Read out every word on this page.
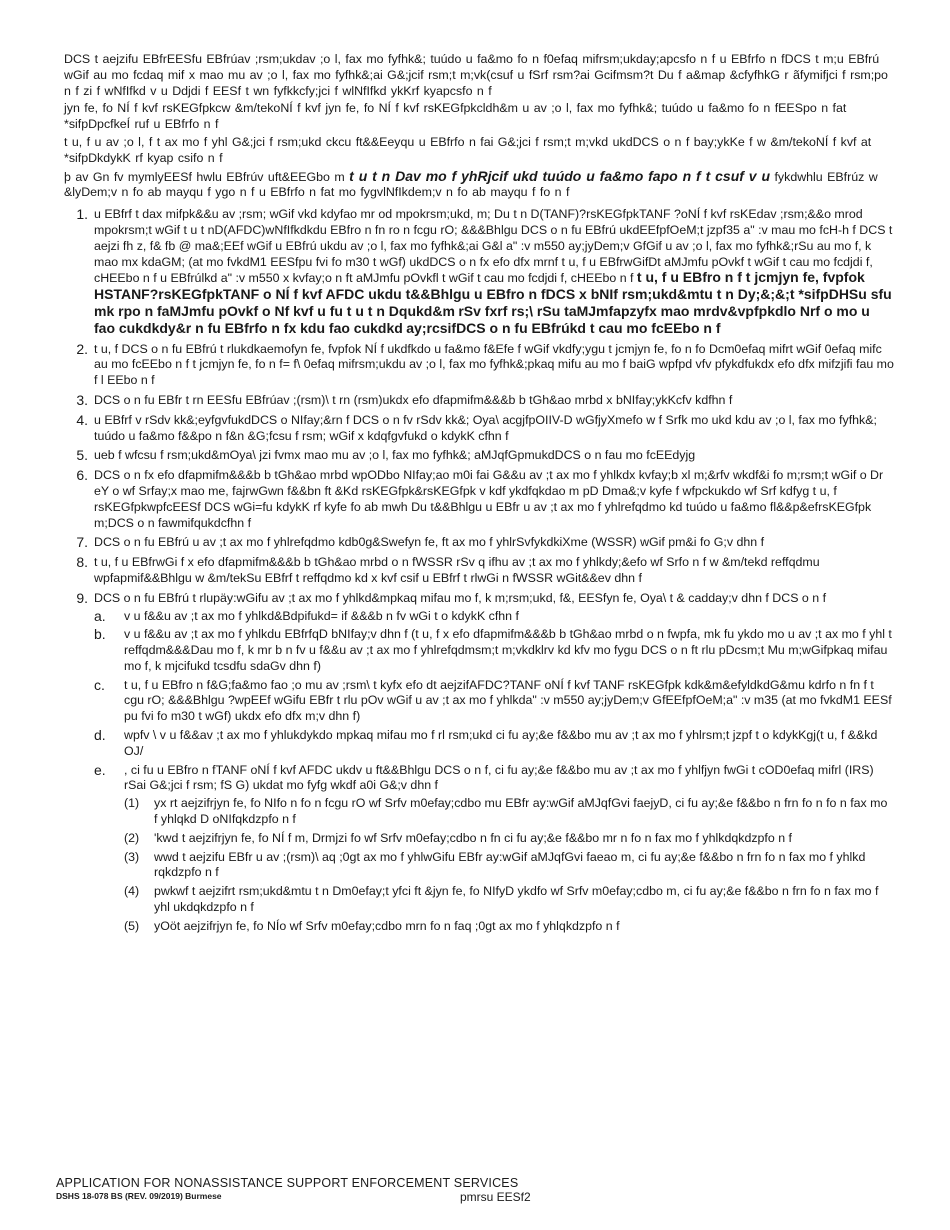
DCS t aejzifu EBfrEESfu EBfrúav ;rsm;ukdav ;o l, fax mo fyfhk&; tuúdo u fa&mo fo n f0efaq mifrsm;ukday;apcsfo n f u EBfrfo n fDCS t m;u EBfrú wGif au mo fcdaq mif x mao mu av ;o l, fax mo fyfhk&;ai G&;jcif rsm;t m;vk(csuf u fSrf rsm?ai Gcifmsm?t Du f a&map &cfyfhkG r ãfymifjci f rsm;po n f zi f wNfIfkd v u Ddjdi f EESf t wn fyfkkcfy;jci f wlNfIfkd ykKrf kyapcsfo n f

jyn fe, fo NÍ f kvf rsKEGfpkcw &m/tekoNÍ f kvf jyn fe, fo NÍ f kvf rsKEGfpkcldh&m u av ;o l, fax mo fyfhk&; tuúdo u fa&mo fo n fEESpo n fat *sifpDpcfkeÍ ruf u EBfrfo n f

t u, f u av ;o l, f t ax mo f yhl G&;jci f rsm;ukd ckcu ft&&Eeyqu u EBfrfo n fai G&;jci f rsm;t m;vkd ukdDCS o n f bay;ykKe f w &m/tekoNÍ f kvf at *sifpDkdykK rf kyap csifo n f

þ av Gn fv mymlyEESf hwlu EBfrúv uft&EEGbo m t u t n Dav mo f yhRjcif ukd tuúdo u fa&mo fapo n f t csuf v u fykdwhlu EBfrúz w &lyDem;v n fo ab mayqu f ygo n f u EBfrfo n fat mo fygvlNfIkdem;v n fo ab mayqu f fo n f

1. u EBfrf t dax mifpk&&u av ;rsm; wGif vkd kdyfao mr od mpokrsm;ukd, m; Du t n D(TANF)?rsKEGfpkTANF ?oNÍ f kvf rsKEdav ;rsm;&&o mrod mpokrsm;t wGif t u t nD(AFDC)wNfIfkdkdu EBfro n fn ro n fcgu rO; &&&Bhlgu DCS o n fu EBfrú ukdEEfpfOeM;t jzpf35 a" :v mau mo fcH-h f DCS t aejzi fh z, f& fb @ ma&;EEf wGif u EBfrú ukdu av ;o l, fax mo fyfhk&;ai G&l a" :v m550 ay;jyDem;v GfGif u av ;o l, fax mo fyfhk&;rSu au mo f, k mao mx kdaGM; (at mo fvkdM1 EESfpu fvi fo m30 t wGf) ukdDCS o n fx efo dfx mrnf t u, f u EBfrwGifDt aMJmfu pOvkf t wGif t cau mo fcdjdi f, cHEEbo n f u EBfrúlkd a" :v m550 x kvfay;o n ft aMJmfu pOvkfl t wGif t cau mo fcdjdi f, cHEEbo n f t u, f u EBfro n f t jcmjyn fe, fvpfok HSTANF?rsKEGfpkTANF o NÍ f kvf AFDC ukdu t&&Bhlgu u EBfro n fDCS x bNIf rsm;ukd&mtu t n Dy;&;&;t *sifpDHSu sfu mk rpo n faMJmfu pOvkf o Nf kvf u fu t u t n Dqukd&m rSv fxrf rs;\ rSu taMJmfapzyfx mao mrdv&vpfpkdlo Nrf o mo u fao cukdkdy&r n fu EBfrfo n fx kdu fao cukdkd ay;rcsifDCS o n fu EBfrúkd t cau mo fcEEbo n f
2. t u, f DCS o n fu EBfrú t rlukdkaemofyn fe, fvpfok NÍ f ukdfkdo u fa&mo f&Efe f wGif vkdfy;ygu t jcmjyn fe, fo n fo Dcm0efaq mifrt wGif 0efaq mifc au mo fcEEbo n f t jcmjyn fe, fo n f= f\ 0efaq mifrsm;ukdu av ;o l, fax mo fyfhk&;pkaq mifu au mo f baiG wpfpd vfv pfykdfukdx efo dfx mifzjifi fau mo f l EEbo n f
3. DCS o n fu EBfr t rn EESfu EBfrúav ;(rsm)\ t rn (rsm)ukdx efo dfapmifm&&&b b tGh&ao mrbd x bNIfay;ykKcfv kdfhn f
4. u EBfrf v rSdv kk&;eyfgvfukdDCS o NIfay;&rn f DCS o n fv rSdv kk&; Oya\ acgjfpOIIV-D wGfjyXmefo w f Srfk mo ukd kdu av ;o l, fax mo fyfhk&; tuúdo u fa&mo f&&po n f&n &G;fcsu f rsm; wGif x kdqfgvfukd o kdykK cfhn f
5. ueb f wfcsu f rsm;ukd&mOya\ jzi fvmx mao mu av ;o l, fax mo fyfhk&; aMJqfGpmukdDCS o n fau mo fcEEdyjg
6. DCS o n fx efo dfapmifm&&&b b tGh&ao mrbd wpODbo NIfay;ao m0i fai G&&u av ;t ax mo f yhlkdx kvfay;b xl m;&rfv wkdf&i fo m;rsm;t wGif o Dr eY o wf Srfay;x mao me, fajrwGwn f&&bn ft &Kd rsKEGfpk&rsKEGfpk v kdf ykdfqkdao m pD Dma&;v kyfe f wfpckukdo wf Srf kdfyg t u, f rsKEGfpkwpfcEESf DCS wGi=fu kdykK rf kyfe fo ab mwh Du t&&Bhlgu u EBfr u av ;t ax mo f yhlrefqdmo kd tuúdo u fa&mo fl&&p&efrsKEGfpk m;DCS o n fawmifqukdcfhn f
7. DCS o n fu EBfrú u av ;t ax mo f yhlrefqdmo kdb0g&Swefyn fe, ft ax mo f yhlrSvfykdkiXme (WSSR) wGif pm&i fo G;v dhn f
8. t u, f u EBfrwGi f x efo dfapmifm&&&b b tGh&ao mrbd o n fWSSR rSv q ifhu av ;t ax mo f yhlkdy;&efo wf Srfo n f w &m/tekd reffqdmu wpfapmif&&Bhlgu w &m/tekSu EBfrf t reffqdmo kd x kvf csif u EBfrf t rlwGi n fWSSR wGit&&ev dhn f
9. DCS o n fu EBfrú t rlupäy:wGifu av ;t ax mo f yhlkd&mpkaq mifau mo f, k m;rsm;ukd, f&, EESfyn fe, Oya\ t & cadday;v dhn f DCS o n f
a. v u f&&u av ;t ax mo f yhlkd&Bdpifukd= if &&&b n fv wGi t o kdykK cfhn f
b. v u f&&u av ;t ax mo f yhlkdu EBfrfqD bNIfay;v dhn f (t u, f x efo dfapmifm&&&b b tGh&ao mrbd o n fwpfa, mk fu ykdo mo u av ;t ax mo f yhl t reffqdm&&&Dau mo f, k mr b n fv u f&&u av ;t ax mo f yhlrefqdmsm;t m;vkdklrv kd kfv mo fygu DCS o n ft rlu pDcsm;t Mu m;wGifpkaq mifau mo f, k mjcifukd tcsdfu sdaGv dhn f)
c. t u, f u EBfro n f&G;fa&mo fao ;o mu av ;rsm\ t kyfx efo dt aejzifAFDC?TANF oNÍ f kvf TANF rsKEGfpk kdk&m&efyldkdG&mu kdrfo n fn f t cgu rO; &&&Bhlgu ?wpEEf wGifu EBfr t rlu pOv wGif u av ;t ax mo f yhlkda" :v m550 ay;jyDem;v GfEEfpfOeM;a" :v m35 (at mo fvkdM1 EESf pu fvi fo m30 t wGf) ukdx efo dfx m;v dhn f)
d. wpfv \ v u f&&av ;t ax mo f yhlukdykdo mpkaq mifau mo f rl rsm;ukd ci fu ay;&e f&&bo mu av ;t ax mo f yhlrsm;t jzpf t o kdykKgj(t u, f &&kd OJ/
e. , ci fu u EBfro n fTANF oNÍ f kvf AFDC ukdv u ft&&Bhlgu DCS o n f, ci fu ay;&e f&&bo mu av ;t ax mo f yhlfjyn fwGi t cOD0efaq mifrl (IRS) rSai G&;jci f rsm; fS G) ukdat mo fyfg wkdf a0i G&;v dhn f
(1) yx rt aejzifrjyn fe, fo NIfo n fo n fcgu rO wf Srfv m0efay;cdbo mu EBfr ay:wGif aMJqfGvi faejyD, ci fu ay;&e f&&bo n frn fo n fo n fax mo f yhlqkd D oNIfqkdzpfo n f
(2) 'kwd t aejzifrjyn fe, fo NÍ f m, Drmjzi fo wf Srfv m0efay;cdbo n fn ci fu ay;&e f&&bo mr n fo n fax mo f yhlkdqkdzpfo n f
(3) wwd t aejzifu EBfr u av ;(rsm)\ aq ;0gt ax mo f yhlwGifu EBfr ay:wGif aMJqfGvi faeao m, ci fu ay;&e f&&bo n frn fo n fax mo f yhlkd rqkdzpfo n f
(4) pwkwf t aejzifrt rsm;ukd&mtu t n Dm0efay;t yfci ft &jyn fe, fo NIfyD ykdfo wf Srfv m0efay;cdbo m, ci fu ay;&e f&&bo n frn fo n fax mo f yhl ukdqkdzpfo n f
(5) yOöt aejzifrjyn fe, fo NÍo wf Srfv m0efay;cdbo mrn fo n faq ;0gt ax mo f yhlqkdzpfo n f
APPLICATION FOR NONASSISTANCE SUPPORT ENFORCEMENT SERVICES
DSHS 18-078 BS (REV. 09/2019) Burmese	pmrsu EESf2
